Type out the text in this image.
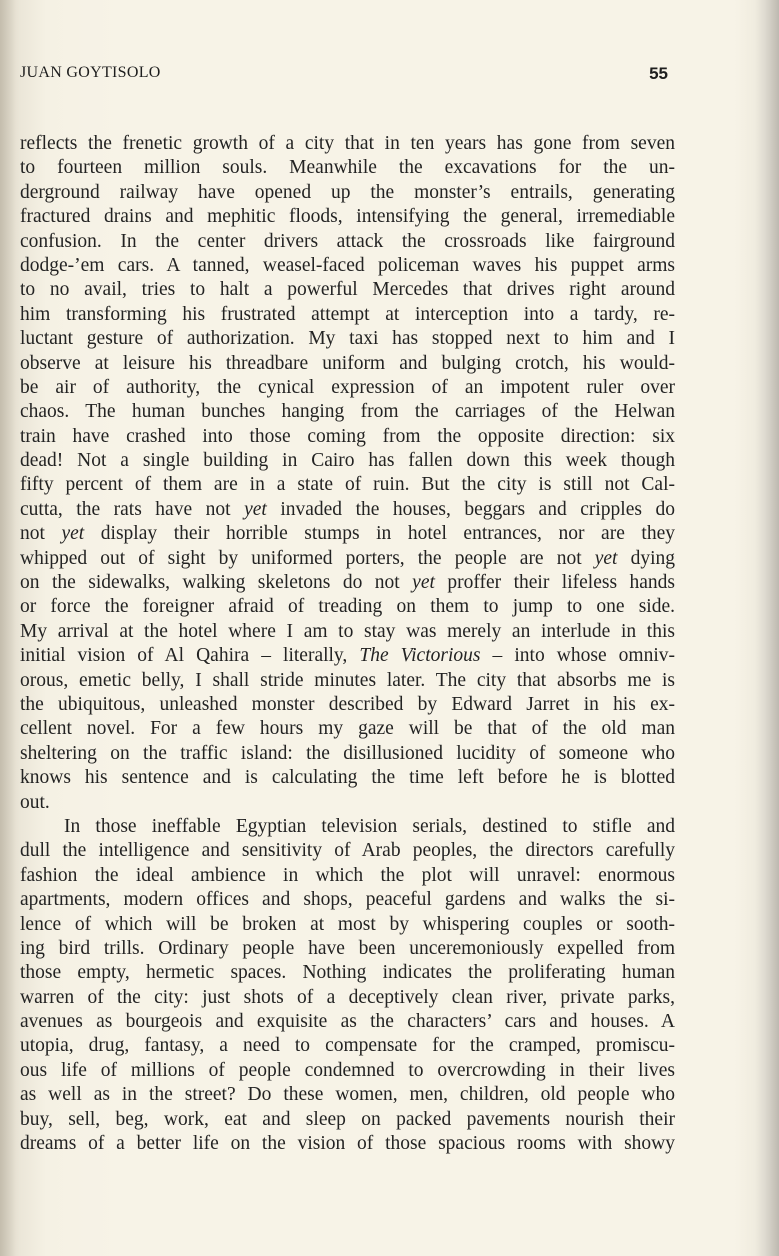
JUAN GOYTISOLO	55
reflects the frenetic growth of a city that in ten years has gone from seven
to fourteen million souls. Meanwhile the excavations for the un-
derground railway have opened up the monster’s entrails, generating
fractured drains and mephitic floods, intensifying the general, irremediable
confusion. In the center drivers attack the crossroads like fairground
dodge-’em cars. A tanned, weasel-faced policeman waves his puppet arms
to no avail, tries to halt a powerful Mercedes that drives right around
him transforming his frustrated attempt at interception into a tardy, re-
luctant gesture of authorization. My taxi has stopped next to him and I
observe at leisure his threadbare uniform and bulging crotch, his would-
be air of authority, the cynical expression of an impotent ruler over
chaos. The human bunches hanging from the carriages of the Helwan
train have crashed into those coming from the opposite direction: six
dead! Not a single building in Cairo has fallen down this week though
fifty percent of them are in a state of ruin. But the city is still not Cal-
cutta, the rats have not yet invaded the houses, beggars and cripples do
not yet display their horrible stumps in hotel entrances, nor are they
whipped out of sight by uniformed porters, the people are not yet dying
on the sidewalks, walking skeletons do not yet proffer their lifeless hands
or force the foreigner afraid of treading on them to jump to one side.
My arrival at the hotel where I am to stay was merely an interlude in this
initial vision of Al Qahira – literally, The Victorious – into whose omniv-
orous, emetic belly, I shall stride minutes later. The city that absorbs me is
the ubiquitous, unleashed monster described by Edward Jarret in his ex-
cellent novel. For a few hours my gaze will be that of the old man
sheltering on the traffic island: the disillusioned lucidity of someone who
knows his sentence and is calculating the time left before he is blotted
out.
In those ineffable Egyptian television serials, destined to stifle and
dull the intelligence and sensitivity of Arab peoples, the directors carefully
fashion the ideal ambience in which the plot will unravel: enormous
apartments, modern offices and shops, peaceful gardens and walks the si-
lence of which will be broken at most by whispering couples or sooth-
ing bird trills. Ordinary people have been unceremoniously expelled from
those empty, hermetic spaces. Nothing indicates the proliferating human
warren of the city: just shots of a deceptively clean river, private parks,
avenues as bourgeois and exquisite as the characters’ cars and houses. A
utopia, drug, fantasy, a need to compensate for the cramped, promiscu-
ous life of millions of people condemned to overcrowding in their lives
as well as in the street? Do these women, men, children, old people who
buy, sell, beg, work, eat and sleep on packed pavements nourish their
dreams of a better life on the vision of those spacious rooms with showy
